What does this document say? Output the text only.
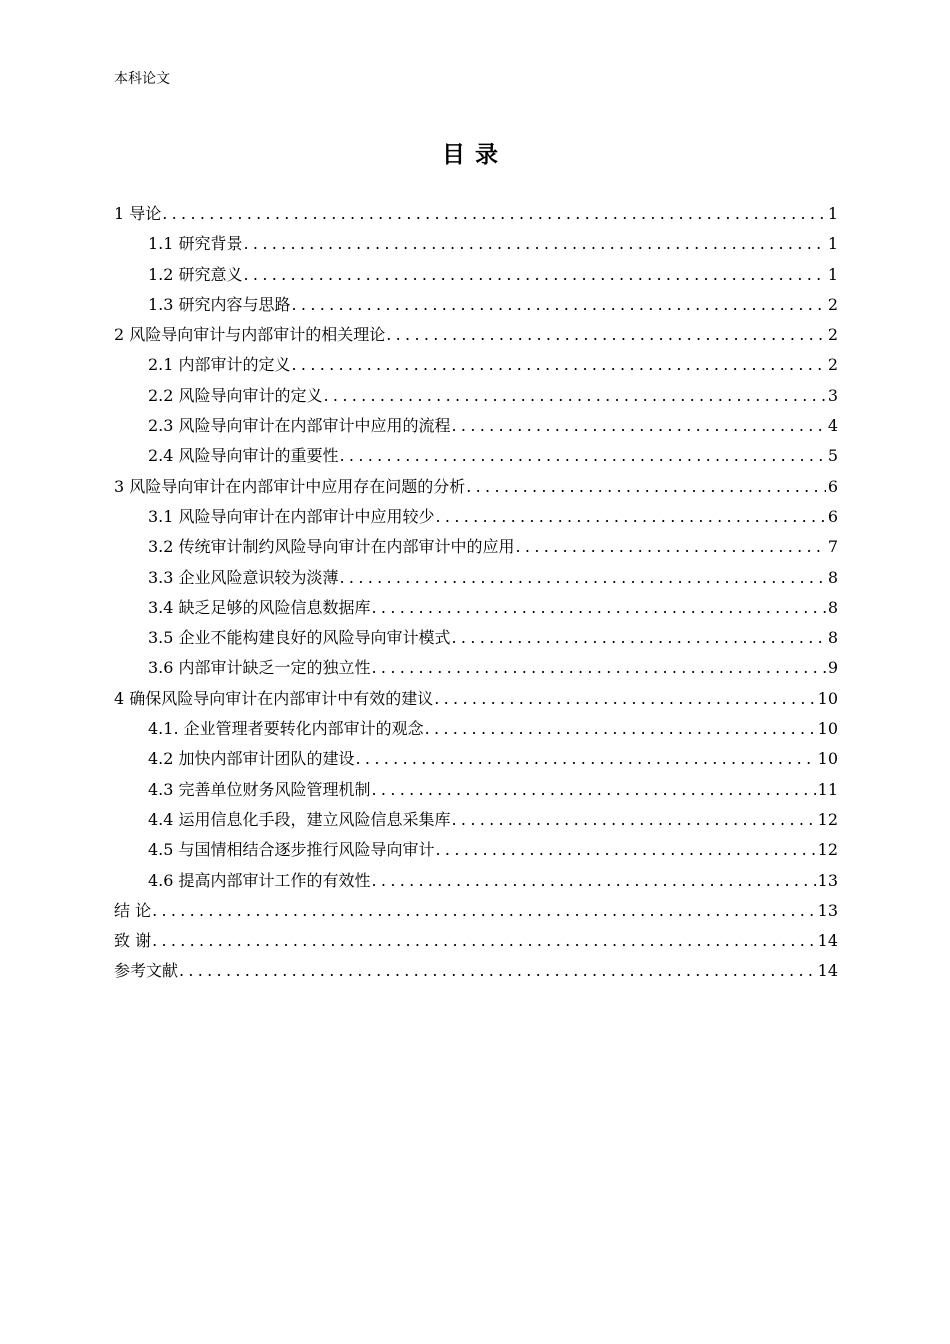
本科论文
目录
1 导论 .....	1
1.1 研究背景 .....	1
1.2 研究意义 .....	1
1.3 研究内容与思路 .....	2
2 风险导向审计与内部审计的相关理论 .....	2
2.1 内部审计的定义 .....	2
2.2 风险导向审计的定义 .....	3
2.3 风险导向审计在内部审计中应用的流程 .....	4
2.4 风险导向审计的重要性 .....	5
3 风险导向审计在内部审计中应用存在问题的分析 .....	6
3.1 风险导向审计在内部审计中应用较少 .....	6
3.2 传统审计制约风险导向审计在内部审计中的应用 .....	7
3.3 企业风险意识较为淡薄 .....	8
3.4 缺乏足够的风险信息数据库 .....	8
3.5 企业不能构建良好的风险导向审计模式 .....	8
3.6 内部审计缺乏一定的独立性 .....	9
4 确保风险导向审计在内部审计中有效的建议 .....	10
4.1. 企业管理者要转化内部审计的观念 .....	10
4.2 加快内部审计团队的建设 .....	10
4.3 完善单位财务风险管理机制 .....	11
4.4 运用信息化手段，建立风险信息采集库 .....	12
4.5 与国情相结合逐步推行风险导向审计 .....	12
4.6 提高内部审计工作的有效性 .....	13
结 论 .....	13
致 谢 .....	14
参考文献 .....	14
